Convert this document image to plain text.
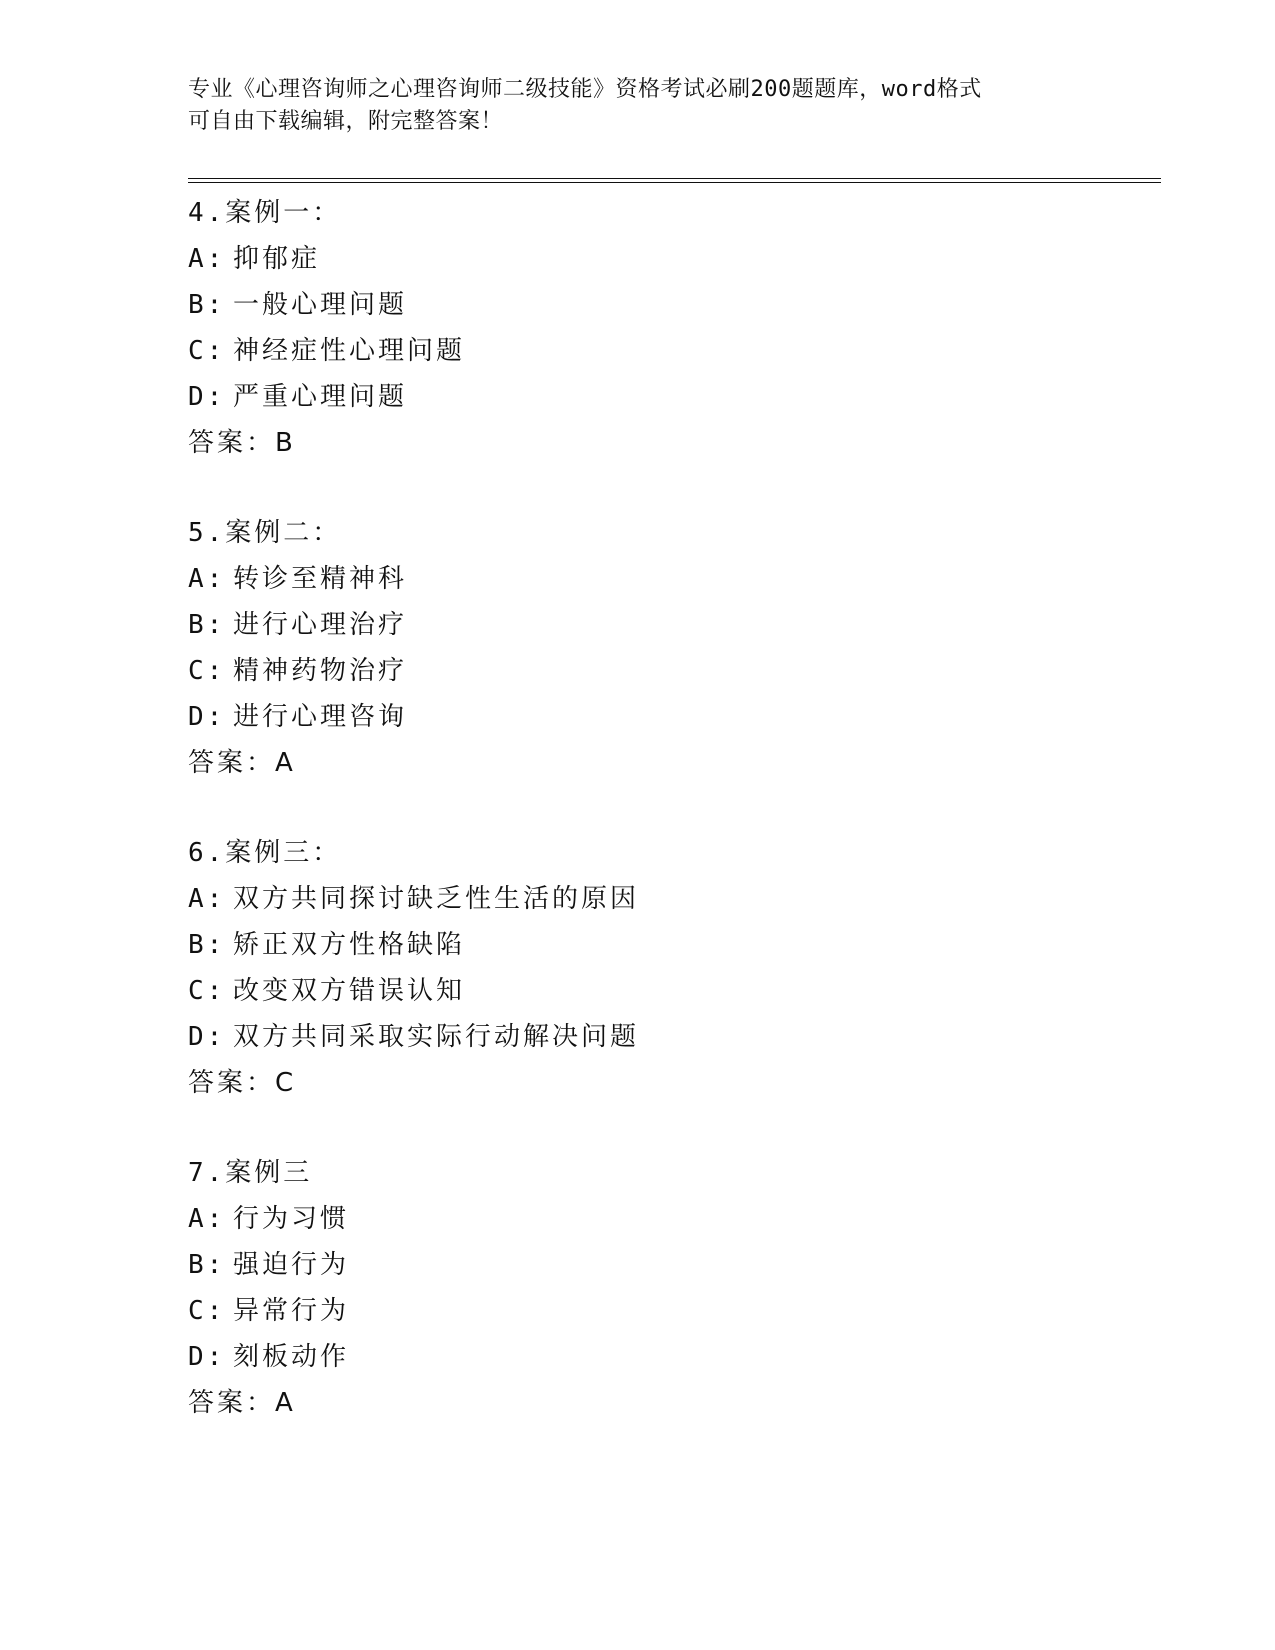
专业《心理咨询师之心理咨询师二级技能》资格考试必刷200题题库，word格式
可自由下载编辑，附完整答案！
4.案例一：
A: 抑郁症
B: 一般心理问题
C: 神经症性心理问题
D: 严重心理问题
答案：B
5.案例二：
A: 转诊至精神科
B: 进行心理治疗
C: 精神药物治疗
D: 进行心理咨询
答案：A
6.案例三：
A: 双方共同探讨缺乏性生活的原因
B: 矫正双方性格缺陷
C: 改变双方错误认知
D: 双方共同采取实际行动解决问题
答案：C
7.案例三
A: 行为习惯
B: 强迫行为
C: 异常行为
D: 刻板动作
答案：A
